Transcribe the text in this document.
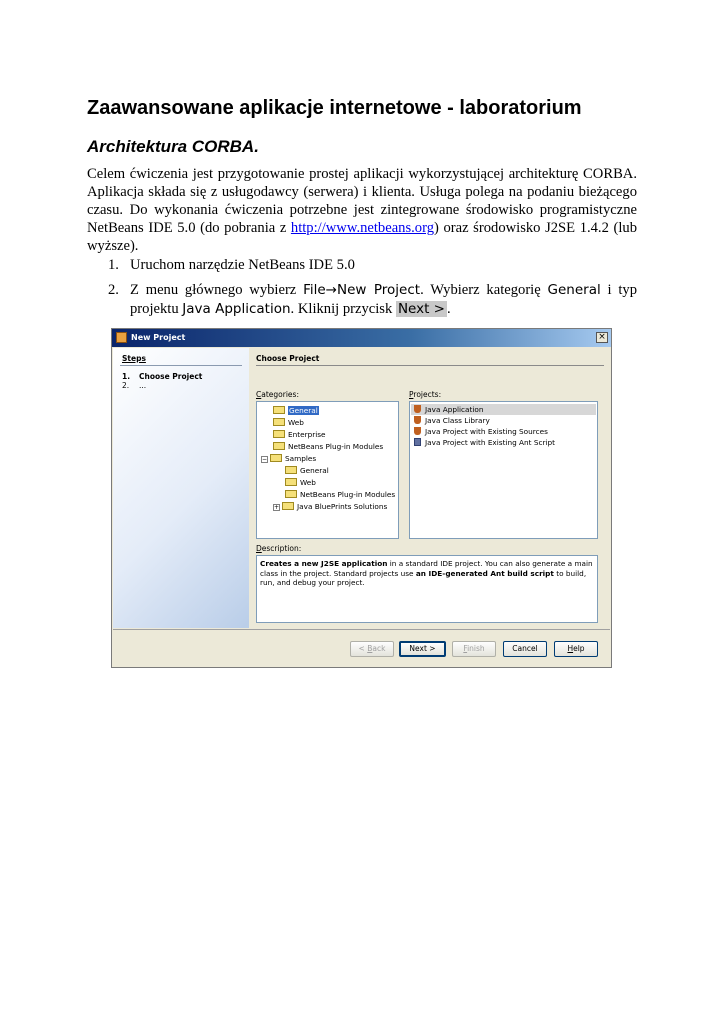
Zaawansowane aplikacje internetowe - laboratorium
Architektura CORBA.

Celem ćwiczenia jest przygotowanie prostej aplikacji wykorzystującej architekturę CORBA. Aplikacja składa się z usługodawcy (serwera) i klienta. Usługa polega na podaniu bieżącego czasu. Do wykonania ćwiczenia potrzebne jest zintegrowane środowisko programistyczne NetBeans IDE 5.0 (do pobrania z http://www.netbeans.org) oraz środowisko J2SE 1.4.2 (lub wyższe).

1. Uruchom narzędzie NetBeans IDE 5.0
2. Z menu głównego wybierz File→New Project. Wybierz kategorię General i typ projektu Java Application. Kliknij przycisk Next > .
New Project	×
Steps
1. Choose Project
2. ...
Choose Project
Categories:	Projects:
General
Web
Enterprise
NetBeans Plug-in Modules
− Samples
General
Web
NetBeans Plug-in Modules
+ Java BluePrints Solutions
Java Application
Java Class Library
Java Project with Existing Sources
Java Project with Existing Ant Script
Description:
Creates a new J2SE application in a standard IDE project. You can also generate a main class in the project. Standard projects use an IDE-generated Ant build script to build, run, and debug your project.
< Back	Next >	Finish	Cancel	Help
